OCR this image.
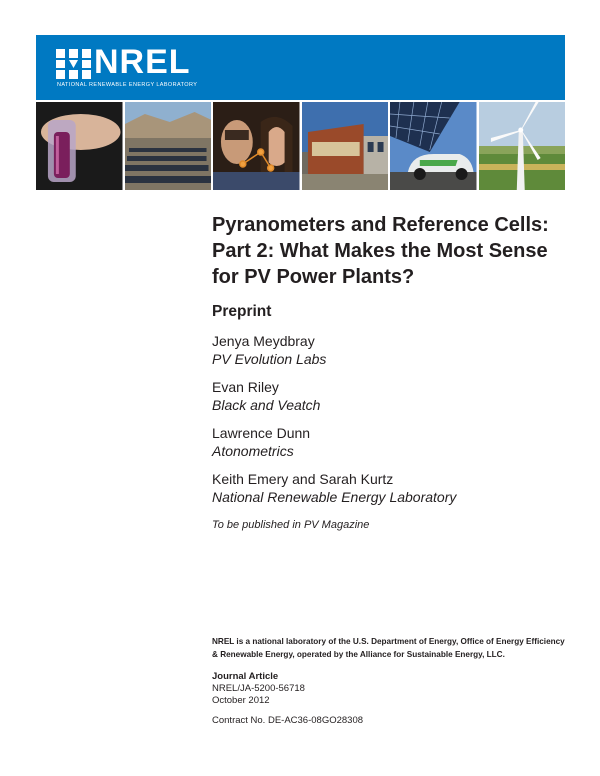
NREL
NATIONAL RENEWABLE ENERGY LABORATORY
Pyranometers and Reference Cells: Part 2: What Makes the Most Sense for PV Power Plants?
Preprint
Jenya Meydbray
PV Evolution Labs
Evan Riley
Black and Veatch
Lawrence Dunn
Atonometrics
Keith Emery and Sarah Kurtz
National Renewable Energy Laboratory
To be published in PV Magazine
NREL is a national laboratory of the U.S. Department of Energy, Office of Energy Efficiency & Renewable Energy, operated by the Alliance for Sustainable Energy, LLC.
Journal Article
NREL/JA-5200-56718
October 2012
Contract No. DE-AC36-08GO28308
